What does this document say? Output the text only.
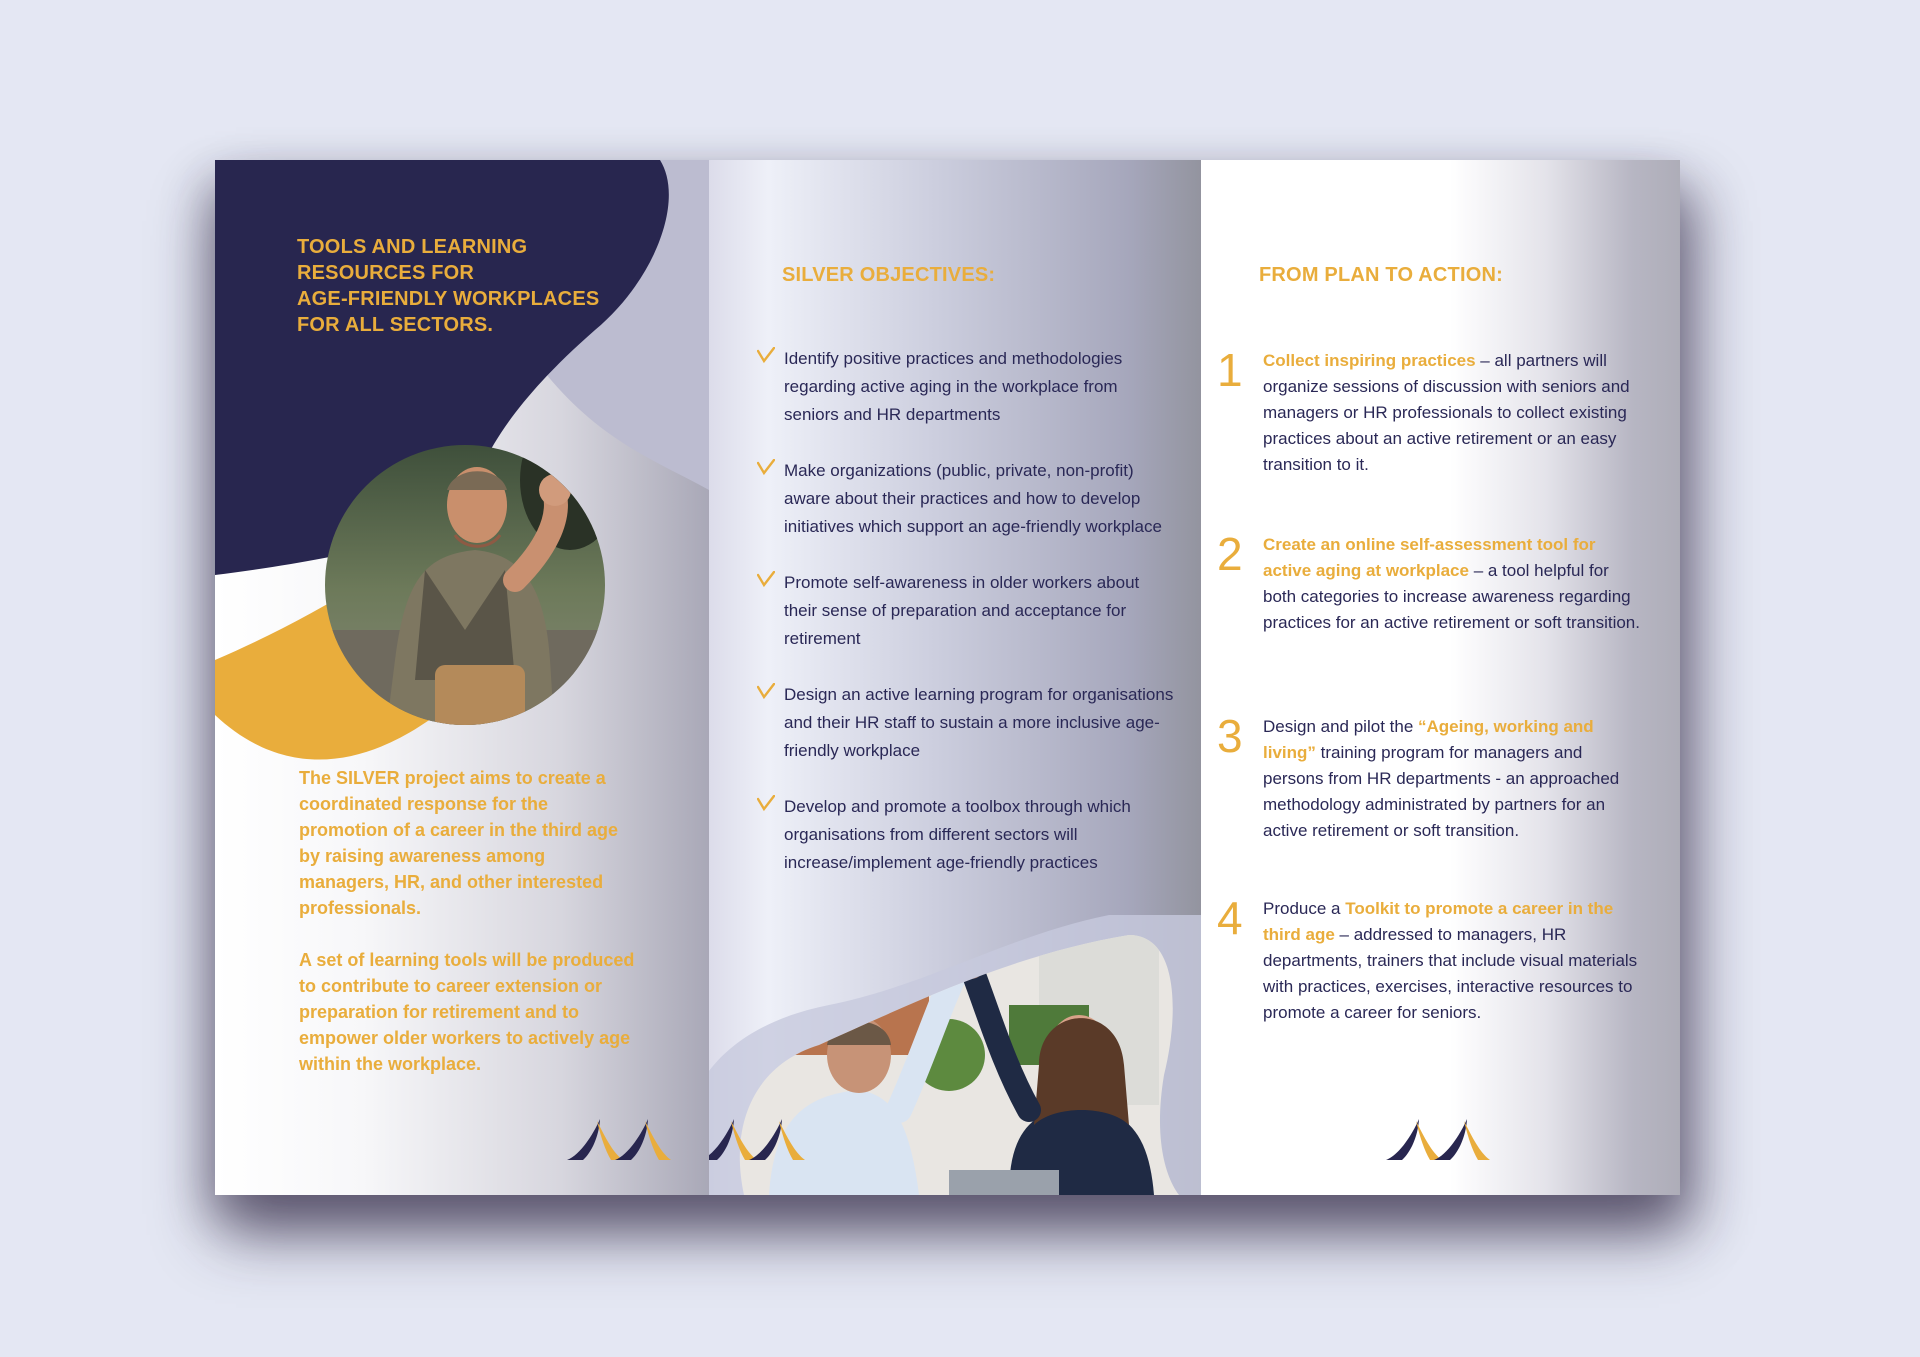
TOOLS AND LEARNING
RESOURCES FOR
AGE-FRIENDLY WORKPLACES
FOR ALL SECTORS.

The SILVER project aims to create a coordinated response for the promotion of a career in the third age by raising awareness among managers, HR, and other interested professionals.

A set of learning tools will be produced to contribute to career extension or preparation for retirement and to empower older workers to actively age within the workplace.

SILVER OBJECTIVES:
Identify positive practices and methodologies regarding active aging in the workplace from seniors and HR departments
Make organizations (public, private, non-profit) aware about their practices and how to develop initiatives which support an age-friendly workplace
Promote self-awareness in older workers about their sense of preparation and acceptance for retirement
Design an active learning program for organisations and their HR staff to sustain a more inclusive age-friendly workplace
Develop and promote a toolbox through which organisations from different sectors will increase/implement age-friendly practices
FROM PLAN TO ACTION:
1 Collect inspiring practices – all partners will organize sessions of discussion with seniors and managers or HR professionals to collect existing practices about an active retirement or an easy transition to it.
2 Create an online self-assessment tool for active aging at workplace – a tool helpful for both categories to increase awareness regarding practices for an active retirement or soft transition.
3 Design and pilot the “Ageing, working and living” training program for managers and persons from HR departments - an approached methodology administrated by partners for an active retirement or soft transition.
4 Produce a Toolkit to promote a career in the third age – addressed to managers, HR departments, trainers that include visual materials with practices, exercises, interactive resources to promote a career for seniors.
